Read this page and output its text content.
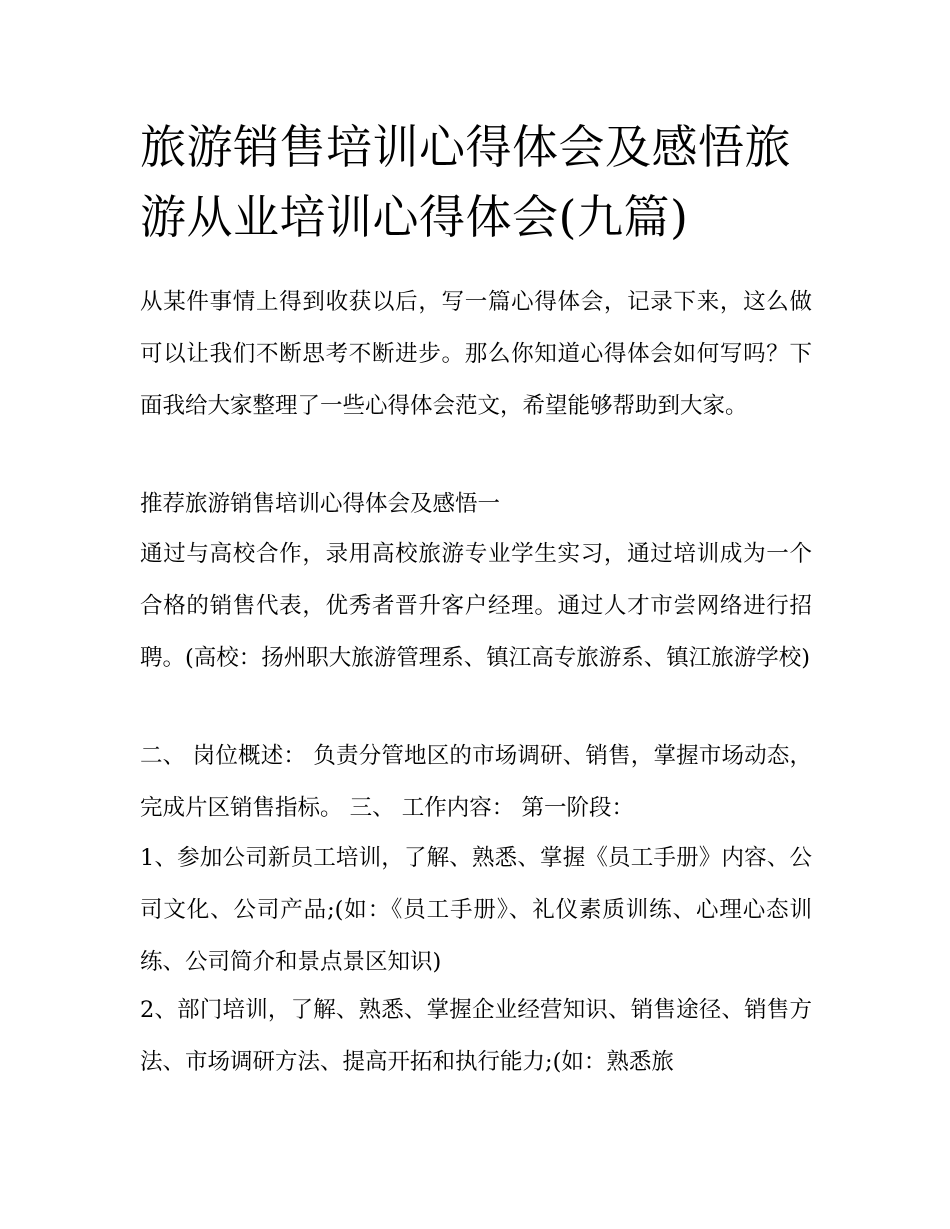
旅游销售培训心得体会及感悟旅游从业培训心得体会(九篇)

从某件事情上得到收获以后，写一篇心得体会，记录下来，这么做可以让我们不断思考不断进步。那么你知道心得体会如何写吗？下面我给大家整理了一些心得体会范文，希望能够帮助到大家。

推荐旅游销售培训心得体会及感悟一

通过与高校合作，录用高校旅游专业学生实习，通过培训成为一个合格的销售代表，优秀者晋升客户经理。通过人才市尝网络进行招聘。(高校：扬州职大旅游管理系、镇江高专旅游系、镇江旅游学校)

二、 岗位概述： 负责分管地区的市场调研、销售，掌握市场动态，完成片区销售指标。 三、 工作内容： 第一阶段：

1、参加公司新员工培训，了解、熟悉、掌握《员工手册》内容、公司文化、公司产品;(如：《员工手册》、礼仪素质训练、心理心态训练、公司简介和景点景区知识)

2、部门培训，了解、熟悉、掌握企业经营知识、销售途径、销售方法、市场调研方法、提高开拓和执行能力;(如：熟悉旅
